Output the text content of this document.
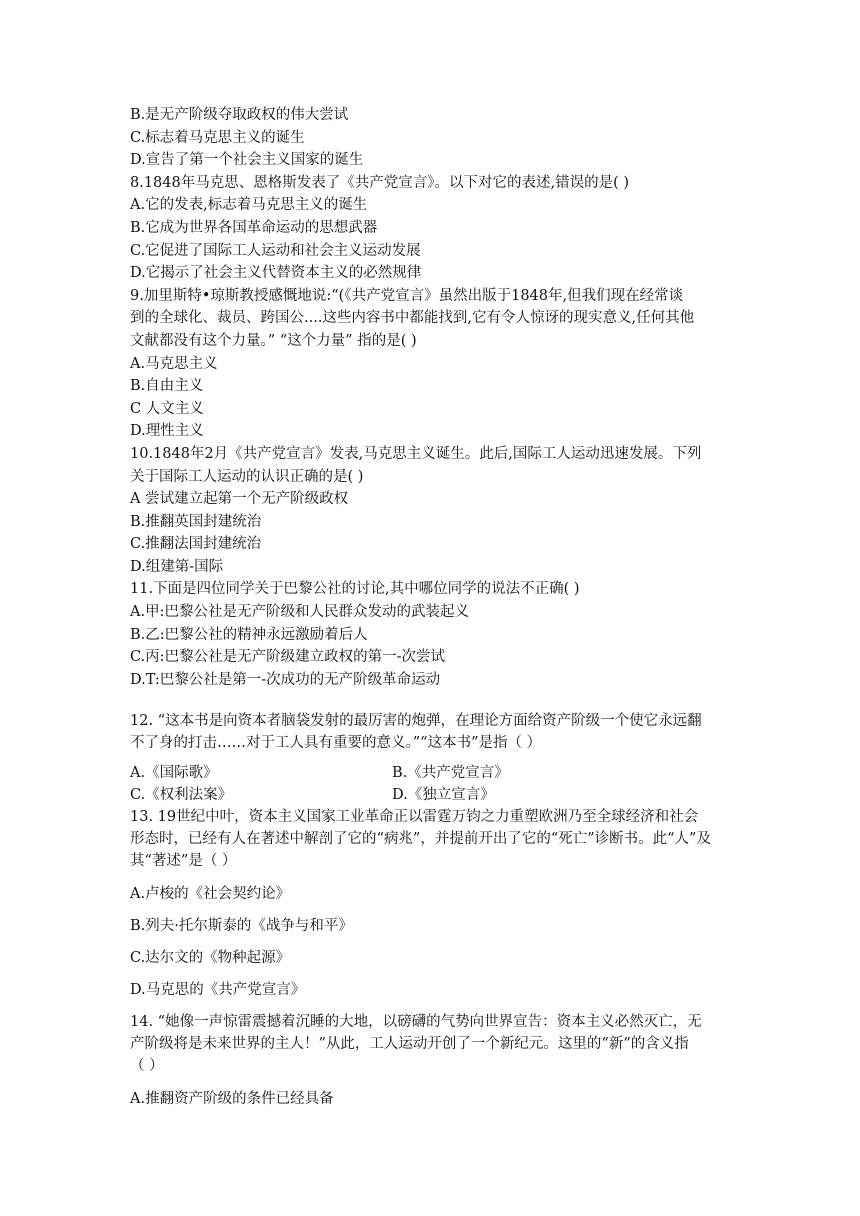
B.是无产阶级夺取政权的伟大尝试
C.标志着马克思主义的诞生
D.宣告了第一个社会主义国家的诞生
8.1848年马克思、恩格斯发表了《共产党宣言》。以下对它的表述,错误的是( )
A.它的发表,标志着马克思主义的诞生
B.它成为世界各国革命运动的思想武器
C.它促进了国际工人运动和社会主义运动发展
D.它揭示了社会主义代替资本主义的必然规律
9.加里斯特•琼斯教授感慨地说:“(《共产党宣言》虽然出版于1848年,但我们现在经常谈
到的全球化、裁员、跨国公....这些内容书中都能找到,它有令人惊讶的现实意义,任何其他
文献都没有这个力量。” “这个力量” 指的是( )
A.马克思主义
B.自由主义
C 人文主义
D.理性主义
10.1848年2月《共产党宣言》发表,马克思主义诞生。此后,国际工人运动迅速发展。下列
关于国际工人运动的认识正确的是( )
A 尝试建立起第一个无产阶级政权
B.推翻英国封建统治
C.推翻法国封建统治
D.组建第-国际
11.下面是四位同学关于巴黎公社的讨论,其中哪位同学的说法不正确( )
A.甲:巴黎公社是无产阶级和人民群众发动的武装起义
B.乙:巴黎公社的精神永远激励着后人
C.丙:巴黎公社是无产阶级建立政权的第一-次尝试
D.T:巴黎公社是第一-次成功的无产阶级革命运动
12. “这本书是向资本者脑袋发射的最厉害的炮弹，在理论方面给资产阶级一个使它永远翻
不了身的打击……对于工人具有重要的意义。”“这本书”是指（ ）
A.《国际歌》	B.《共产党宣言》
C.《权利法案》	D.《独立宣言》
13. 19世纪中叶，资本主义国家工业革命正以雷霆万钧之力重塑欧洲乃至全球经济和社会
形态时，已经有人在著述中解剖了它的“病兆”，并提前开出了它的“死亡”诊断书。此“人”及
其“著述”是（ ）
A.卢梭的《社会契约论》
B.列夫·托尔斯泰的《战争与和平》
C.达尔文的《物种起源》
D.马克思的《共产党宣言》
14. “她像一声惊雷震撼着沉睡的大地，以磅礴的气势向世界宣告：资本主义必然灭亡，无
产阶级将是未来世界的主人！”从此，工人运动开创了一个新纪元。这里的“新”的含义指
（ ）
A.推翻资产阶级的条件已经具备
